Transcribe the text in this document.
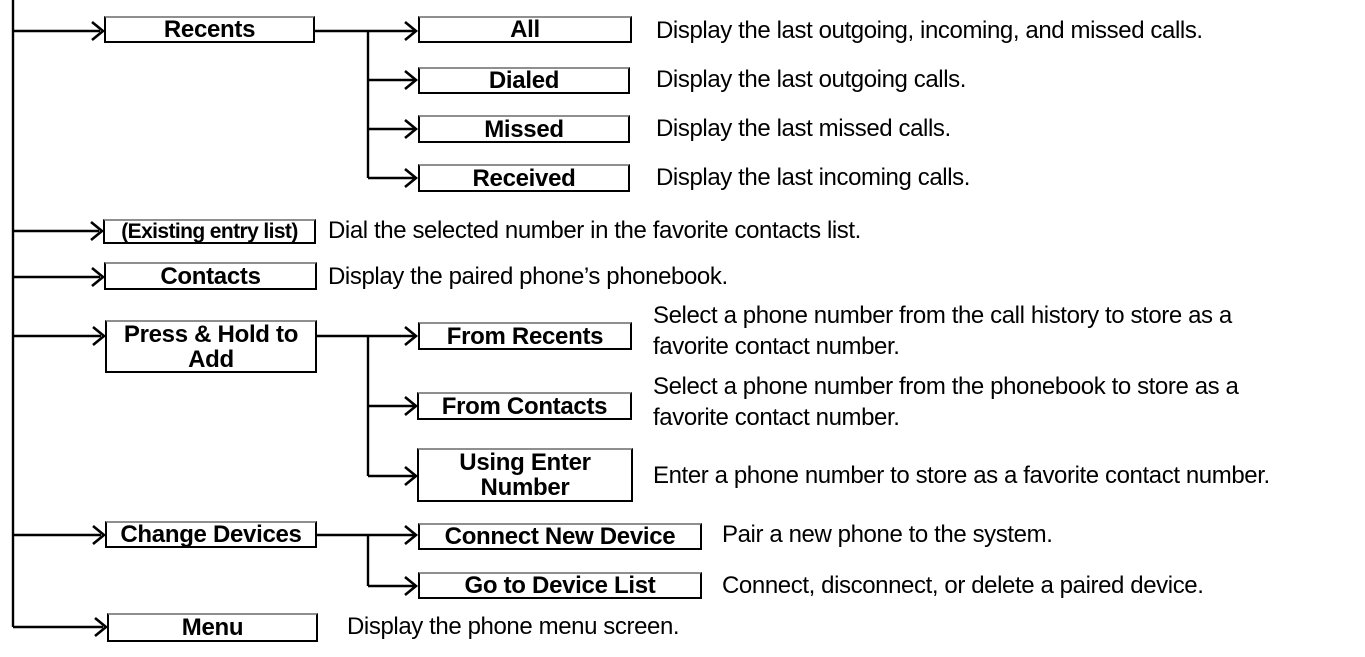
Recents	All
Dialed
Missed
Received
(Existing entry list)
Contacts
Press & Hold to
Add
From Recents
From Contacts
Using Enter
Number
Change Devices	Connect New Device
Go to Device List
Menu
Display the last outgoing, incoming, and missed calls.
Display the last outgoing calls.
Display the last missed calls.
Display the last incoming calls.
Dial the selected number in the favorite contacts list.
Display the paired phone’s phonebook.
Select a phone number from the call history to store as a
favorite contact number.
Select a phone number from the phonebook to store as a
favorite contact number.
Enter a phone number to store as a favorite contact number.
Pair a new phone to the system.
Connect, disconnect, or delete a paired device.
Display the phone menu screen.
